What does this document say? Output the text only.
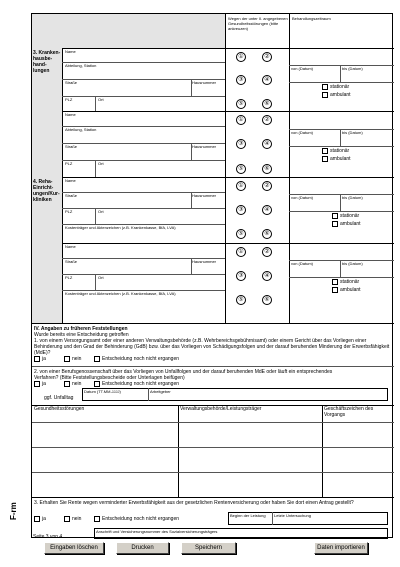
F-rm
Wegen der unter II. angegebenen Gesundheitsstörungen (bitte ankreuzen)
Behandlungszeitraum
3. Kranken-hausbe-hand-lungen
Name
Abteilung, Station
Straße	Hausnummer
PLZ	Ort
①	②
③	④
⑤	⑥
von (Datum)	bis (Datum)
stationär
ambulant
Name
Abteilung, Station
Straße	Hausnummer
PLZ	Ort
①	②
③	④
⑤	⑥
von (Datum)	bis (Datum)
stationär
ambulant
4. Reha-Einricht-ungen/Kur-kliniken
Name
Straße	Hausnummer
PLZ	Ort
Kostenträger und Aktenzeichen (z.B. Krankenkasse, BfA, LVA)
①	②
③	④
⑤	⑥
von (Datum)	bis (Datum)
stationär
ambulant
Name
Straße	Hausnummer
PLZ	Ort
Kostenträger und Aktenzeichen (z.B. Krankenkasse, BfA, LVA)
①	②
③	④
⑤	⑥
von (Datum)	bis (Datum)
stationär
ambulant
IV. Angaben zu früheren Feststellungen
Wurde bereits eine Entscheidung getroffen
1. von einem Versorgungsamt oder einer anderen Verwaltungsbehörde (z.B. Wehrbereichsgebührnisamt) oder einem Gericht über das Vorliegen einer Behinderung und den Grad der Behinderung (GdB) bzw. über das Vorliegen von Schädigungsfolgen und der darauf beruhenden Minderung der Erwerbsfähigkeit (MdE)?
ja	nein	Entscheidung noch nicht ergangen
2. von einer Berufsgenossenschaft über das Vorliegen von Unfallfolgen und der darauf beruhenden MdE oder läuft ein entsprechendes Verfahren? (Bitte Feststellungsbescheide oder Unterlagen beifügen)
ja	nein	Entscheidung noch nicht ergangen
Datum (TT.MM.JJJJ)	Arbeitgeber
ggf. Unfalltag
Gesundheitsstörungen	Verwaltungsbehörde/Leistungsträger	Geschäftszeichen des Vorgangs
3. Erhalten Sie Rente wegen verminderter Erwerbsfähigkeit aus der gesetzlichen Rentenversicherung oder haben Sie dort einen Antrag gestellt?
ja	nein	Entscheidung noch nicht ergangen
Beginn der Leistung Letzte Untersuchung
Anschrift und Versicherungsnummer des Sozialversicherungsträgers
Seite 3 von 4
Eingaben löschen	Drucken	Speichern	Daten importieren
